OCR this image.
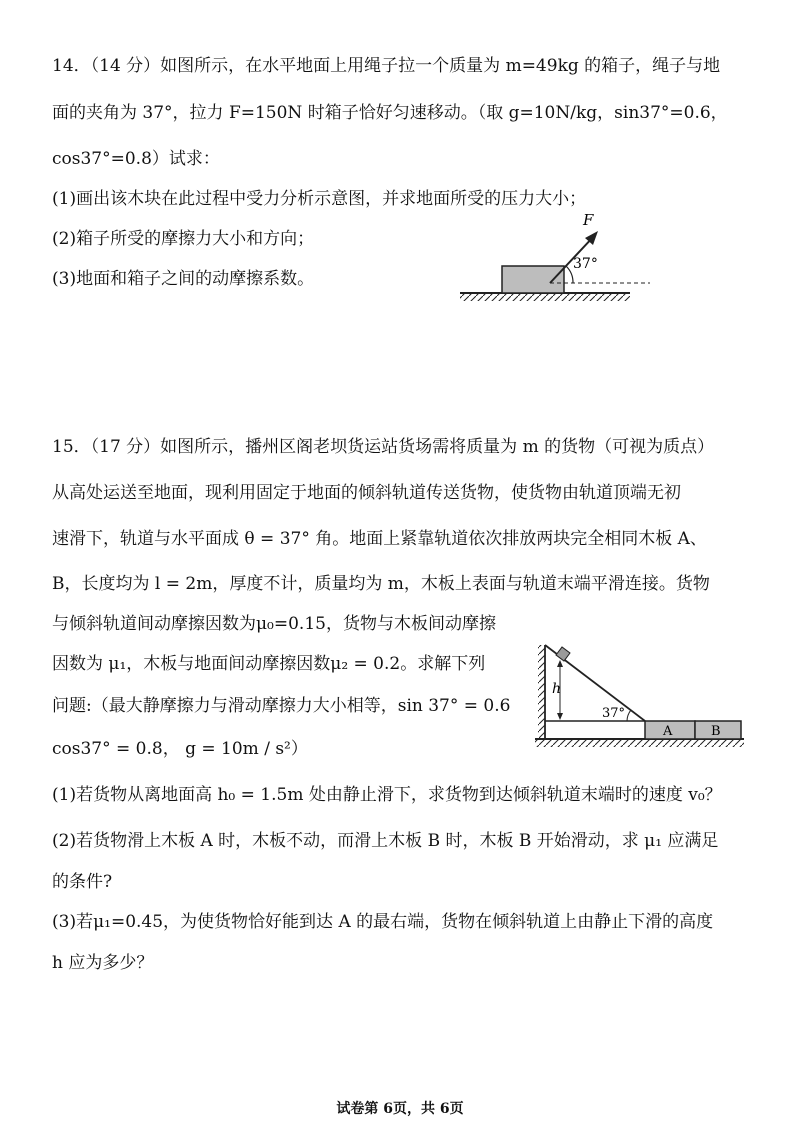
14．（14 分）如图所示，在水平地面上用绳子拉一个质量为 m=49kg 的箱子，绳子与地

面的夹角为 37°，拉力 F=150N 时箱子恰好匀速移动。（取 g=10N/kg，sin37°=0.6，

cos37°=0.8）试求：

(1)画出该木块在此过程中受力分析示意图，并求地面所受的压力大小；

(2)箱子所受的摩擦力大小和方向；

(3)地面和箱子之间的动摩擦系数。

F
37°

15．（17 分）如图所示，播州区阁老坝货运站货场需将质量为 m 的货物（可视为质点）

从高处运送至地面，现利用固定于地面的倾斜轨道传送货物，使货物由轨道顶端无初

速滑下，轨道与水平面成 θ = 37° 角。地面上紧靠轨道依次排放两块完全相同木板 A、

B，长度均为 l = 2m，厚度不计，质量均为 m，木板上表面与轨道末端平滑连接。货物

与倾斜轨道间动摩擦因数为μ₀=0.15，货物与木板间动摩擦

因数为 μ₁，木板与地面间动摩擦因数μ₂ = 0.2。求解下列

问题:（最大静摩擦力与滑动摩擦力大小相等，sin 37° = 0.6

cos37° = 0.8， g = 10m / s²）

(1)若货物从离地面高 h₀ = 1.5m 处由静止滑下，求货物到达倾斜轨道末端时的速度 v₀？

(2)若货物滑上木板 A 时，木板不动，而滑上木板 B 时，木板 B 开始滑动，求 μ₁ 应满足

的条件?

(3)若μ₁=0.45，为使货物恰好能到达 A 的最右端，货物在倾斜轨道上由静止下滑的高度

h 应为多少？

h
37°
A	B
试卷第 6页，共 6页
